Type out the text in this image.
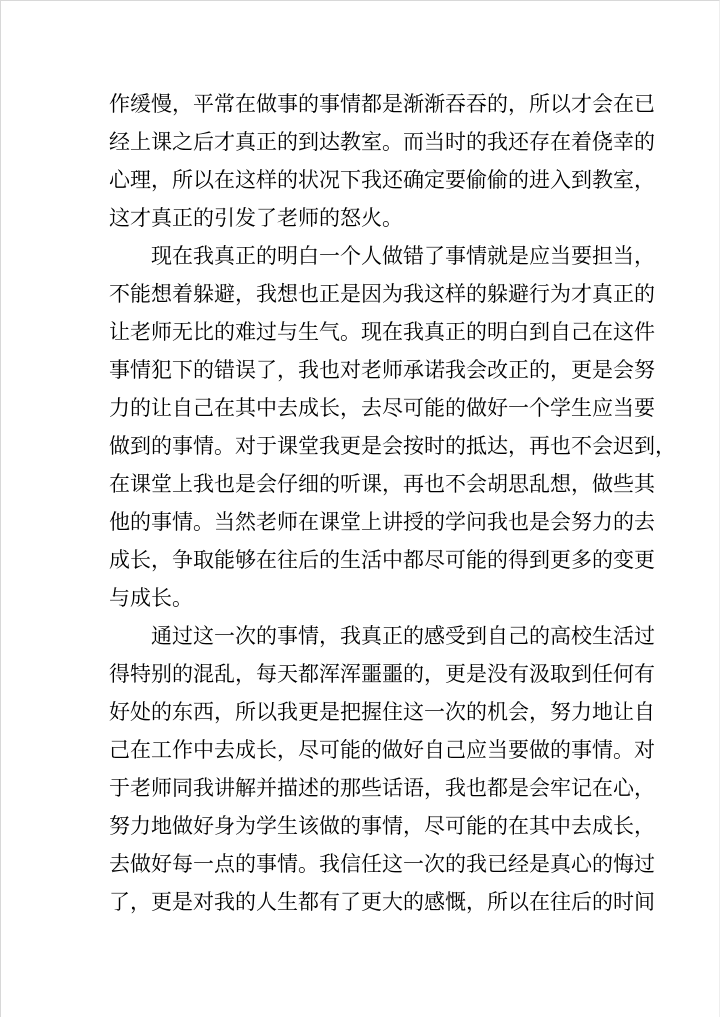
作缓慢，平常在做事的事情都是渐渐吞吞的，所以才会在已
经上课之后才真正的到达教室。而当时的我还存在着侥幸的
心理，所以在这样的状况下我还确定要偷偷的进入到教室，
这才真正的引发了老师的怒火。
现在我真正的明白一个人做错了事情就是应当要担当，
不能想着躲避，我想也正是因为我这样的躲避行为才真正的
让老师无比的难过与生气。现在我真正的明白到自己在这件
事情犯下的错误了，我也对老师承诺我会改正的，更是会努
力的让自己在其中去成长，去尽可能的做好一个学生应当要
做到的事情。对于课堂我更是会按时的抵达，再也不会迟到，
在课堂上我也是会仔细的听课，再也不会胡思乱想，做些其
他的事情。当然老师在课堂上讲授的学问我也是会努力的去
成长，争取能够在往后的生活中都尽可能的得到更多的变更
与成长。
通过这一次的事情，我真正的感受到自己的高校生活过
得特别的混乱，每天都浑浑噩噩的，更是没有汲取到任何有
好处的东西，所以我更是把握住这一次的机会，努力地让自
己在工作中去成长，尽可能的做好自己应当要做的事情。对
于老师同我讲解并描述的那些话语，我也都是会牢记在心，
努力地做好身为学生该做的事情，尽可能的在其中去成长，
去做好每一点的事情。我信任这一次的我已经是真心的悔过
了，更是对我的人生都有了更大的感慨，所以在往后的时间
